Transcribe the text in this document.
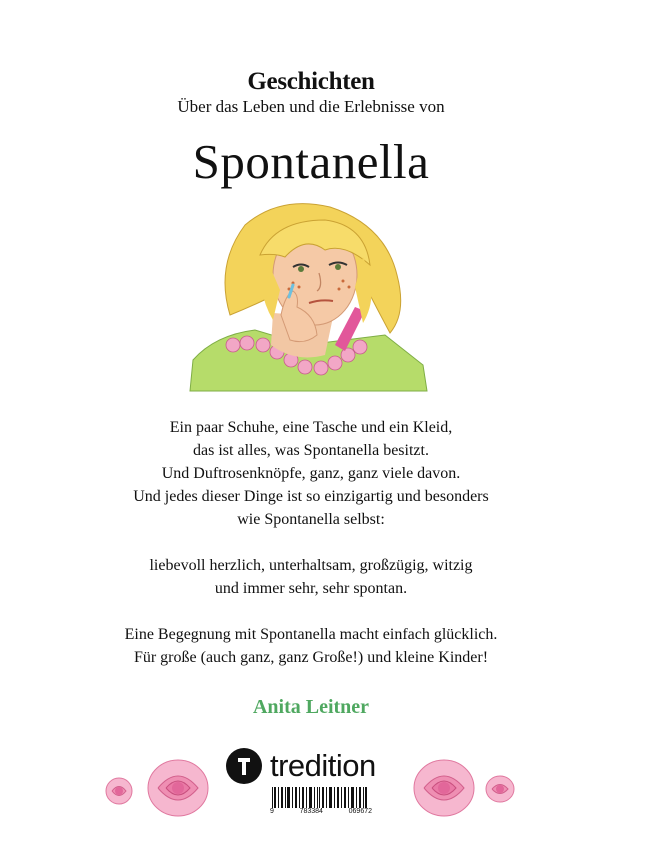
Geschichten
Über das Leben und die Erlebnisse von
Spontanella

Ein paar Schuhe, eine Tasche und ein Kleid,
das ist alles, was Spontanella besitzt.
Und Duftrosenknöpfe, ganz, ganz viele davon.
Und jedes dieser Dinge ist so einzigartig und besonders
wie Spontanella selbst:

liebevoll herzlich, unterhaltsam, großzügig, witzig
und immer sehr, sehr spontan.

Eine Begegnung mit Spontanella macht einfach glücklich.
Für große (auch ganz, ganz Große!) und kleine Kinder!

Anita Leitner
tredition
9	783384	069672
